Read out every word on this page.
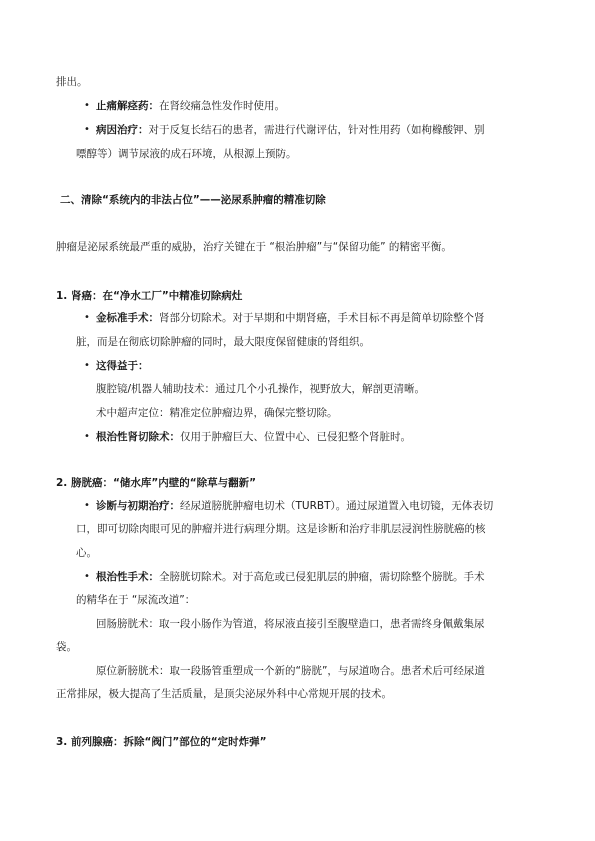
排出。
• 止痛解痉药：在肾绞痛急性发作时使用。
• 病因治疗：对于反复长结石的患者，需进行代谢评估，针对性用药（如枸橼酸钾、别
嘌醇等）调节尿液的成石环境，从根源上预防。
二、清除“系统内的非法占位”——泌尿系肿瘤的精准切除
肿瘤是泌尿系统最严重的威胁，治疗关键在于 “根治肿瘤”与“保留功能” 的精密平衡。
1. 肾癌：在“净水工厂”中精准切除病灶
• 金标准手术：肾部分切除术。对于早期和中期肾癌，手术目标不再是简单切除整个肾
脏，而是在彻底切除肿瘤的同时，最大限度保留健康的肾组织。
• 这得益于：
腹腔镜/机器人辅助技术：通过几个小孔操作，视野放大，解剖更清晰。
术中超声定位：精准定位肿瘤边界，确保完整切除。
• 根治性肾切除术：仅用于肿瘤巨大、位置中心、已侵犯整个肾脏时。
2. 膀胱癌：“储水库”内壁的“除草与翻新”
• 诊断与初期治疗：经尿道膀胱肿瘤电切术（TURBT）。通过尿道置入电切镜，无体表切
口，即可切除肉眼可见的肿瘤并进行病理分期。这是诊断和治疗非肌层浸润性膀胱癌的核
心。
• 根治性手术：全膀胱切除术。对于高危或已侵犯肌层的肿瘤，需切除整个膀胱。手术
的精华在于 “尿流改道”：
回肠膀胱术：取一段小肠作为管道，将尿液直接引至腹壁造口，患者需终身佩戴集尿
袋。
原位新膀胱术：取一段肠管重塑成一个新的“膀胱”，与尿道吻合。患者术后可经尿道
正常排尿，极大提高了生活质量，是顶尖泌尿外科中心常规开展的技术。
3. 前列腺癌：拆除“阀门”部位的“定时炸弹”
